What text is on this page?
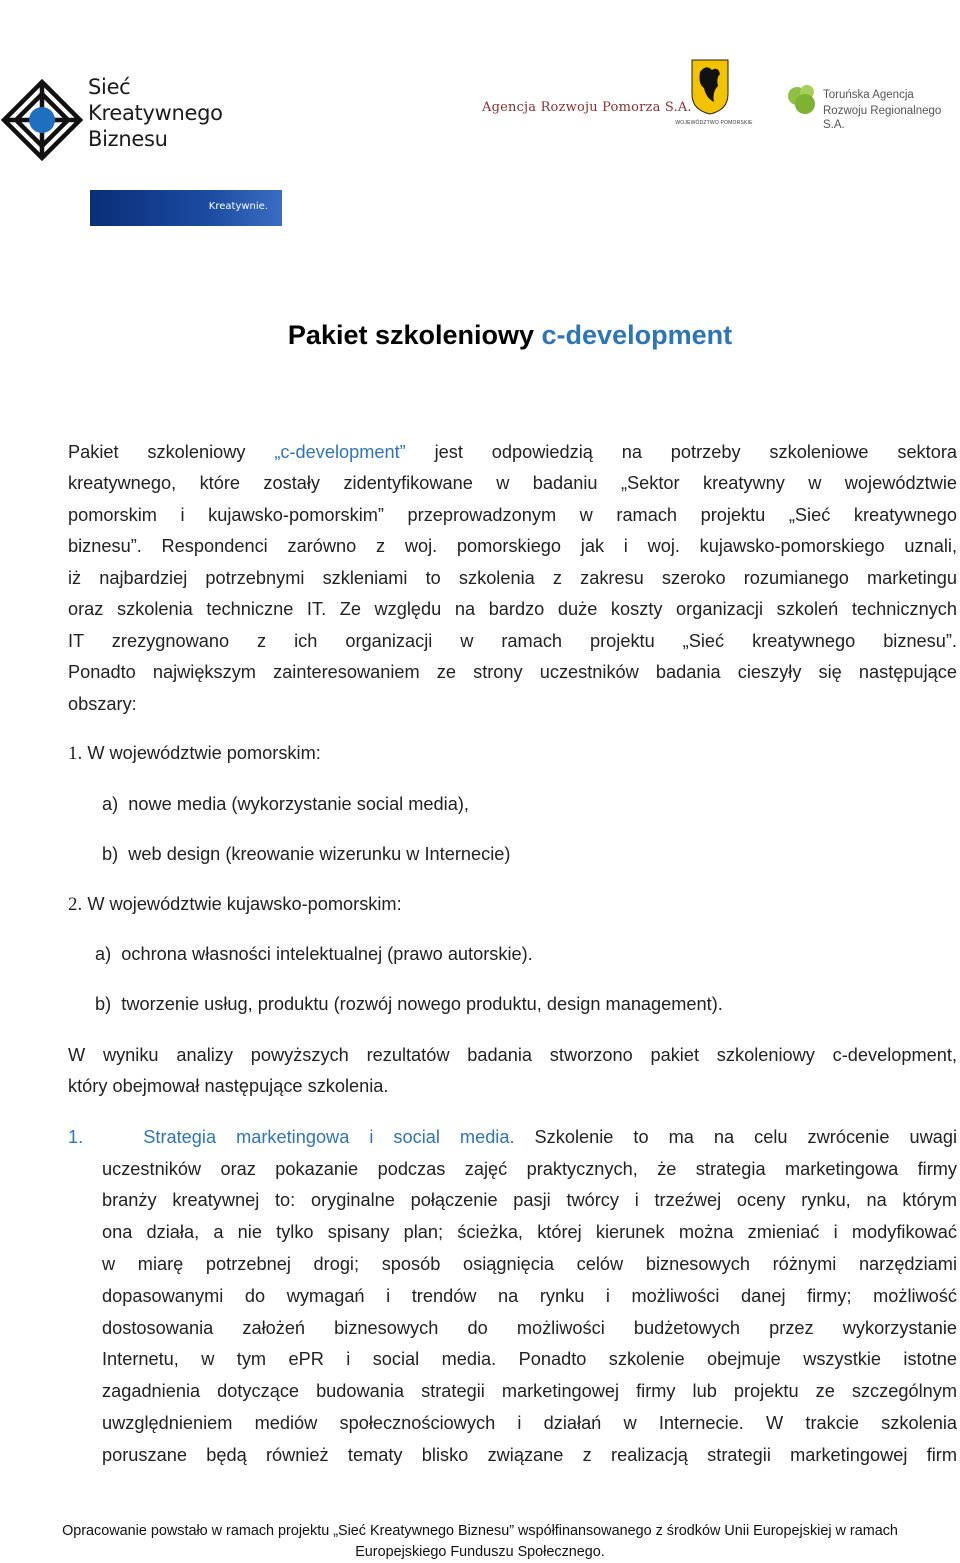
Sieć
Kreatywnego
Biznesu
Kreatywnie.
Agencja Rozwoju Pomorza S.A.
WOJEWÓDZTWO POMORSKIE
Toruńska Agencja
Rozwoju Regionalnego S.A.
Pakiet szkoleniowy c-development
Pakiet szkoleniowy „c-development” jest odpowiedzią na potrzeby szkoleniowe sektora
kreatywnego, które zostały zidentyfikowane w badaniu „Sektor kreatywny w województwie
pomorskim i kujawsko-pomorskim” przeprowadzonym w ramach projektu „Sieć kreatywnego
biznesu”. Respondenci zarówno z woj. pomorskiego jak i woj. kujawsko-pomorskiego uznali,
iż najbardziej potrzebnymi szkleniami to szkolenia z zakresu szeroko rozumianego marketingu
oraz szkolenia techniczne IT. Ze względu na bardzo duże koszty organizacji szkoleń technicznych
IT zrezygnowano z ich organizacji w ramach projektu „Sieć kreatywnego biznesu”.
Ponadto największym zainteresowaniem ze strony uczestników badania cieszyły się następujące
obszary:
1. W województwie pomorskim:
a) nowe media (wykorzystanie social media),
b) web design (kreowanie wizerunku w Internecie)
2. W województwie kujawsko-pomorskim:
a) ochrona własności intelektualnej (prawo autorskie).
b) tworzenie usług, produktu (rozwój nowego produktu, design management).
W wyniku analizy powyższych rezultatów badania stworzono pakiet szkoleniowy c-development,
który obejmował następujące szkolenia.
1.	Strategia marketingowa i social media. Szkolenie to ma na celu zwrócenie uwagi
uczestników oraz pokazanie podczas zajęć praktycznych, że strategia marketingowa firmy
branży kreatywnej to: oryginalne połączenie pasji twórcy i trzeźwej oceny rynku, na którym
ona działa, a nie tylko spisany plan; ścieżka, której kierunek można zmieniać i modyfikować
w miarę potrzebnej drogi; sposób osiągnięcia celów biznesowych różnymi narzędziami
dopasowanymi do wymagań i trendów na rynku i możliwości danej firmy; możliwość
dostosowania założeń biznesowych do możliwości budżetowych przez wykorzystanie
Internetu, w tym ePR i social media. Ponadto szkolenie obejmuje wszystkie istotne
zagadnienia dotyczące budowania strategii marketingowej firmy lub projektu ze szczególnym
uwzględnieniem mediów społecznościowych i działań w Internecie. W trakcie szkolenia
poruszane będą również tematy blisko związane z realizacją strategii marketingowej firm
Opracowanie powstało w ramach projektu „Sieć Kreatywnego Biznesu” współfinansowanego z środków Unii Europejskiej w ramach
Europejskiego Funduszu Społecznego.
